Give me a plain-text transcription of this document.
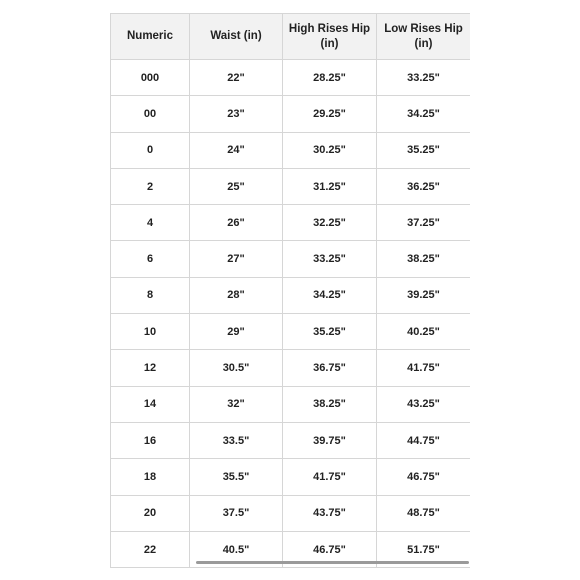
Numeric	Waist (in)	High Rises Hip (in)	Low Rises Hip (in)
000	22"	28.25"	33.25"
00	23"	29.25"	34.25"
0	24"	30.25"	35.25"
2	25"	31.25"	36.25"
4	26"	32.25"	37.25"
6	27"	33.25"	38.25"
8	28"	34.25"	39.25"
10	29"	35.25"	40.25"
12	30.5"	36.75"	41.75"
14	32"	38.25"	43.25"
16	33.5"	39.75"	44.75"
18	35.5"	41.75"	46.75"
20	37.5"	43.75"	48.75"
22	40.5"	46.75"	51.75"
